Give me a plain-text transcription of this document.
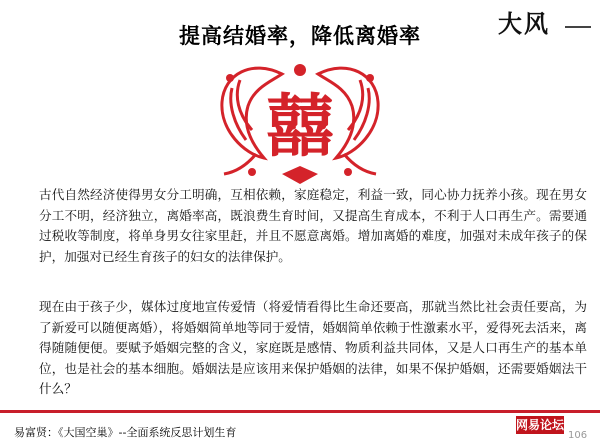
提高结婚率，降低离婚率	大风
囍
古代自然经济使得男女分工明确，互相依赖，家庭稳定，利益一致，同心协力抚养小孩。现在男女分工不明，经济独立，离婚率高，既浪费生育时间，又提高生育成本，不利于人口再生产。需要通过税收等制度，将单身男女往家里赶，并且不愿意离婚。增加离婚的难度，加强对未成年孩子的保护，加强对已经生育孩子的妇女的法律保护。
现在由于孩子少，媒体过度地宣传爱情（将爱情看得比生命还要高，那就当然比社会责任要高，为了新爱可以随便离婚），将婚姻简单地等同于爱情，婚姻简单依赖于性激素水平，爱得死去活来，离得随随便便。要赋予婚姻完整的含义，家庭既是感情、物质利益共同体，又是人口再生产的基本单位，也是社会的基本细胞。婚姻法是应该用来保护婚姻的法律，如果不保护婚姻，还需要婚姻法干什么？
易富贤：《大国空巢》--全面系统反思计划生育
网易论坛
106
